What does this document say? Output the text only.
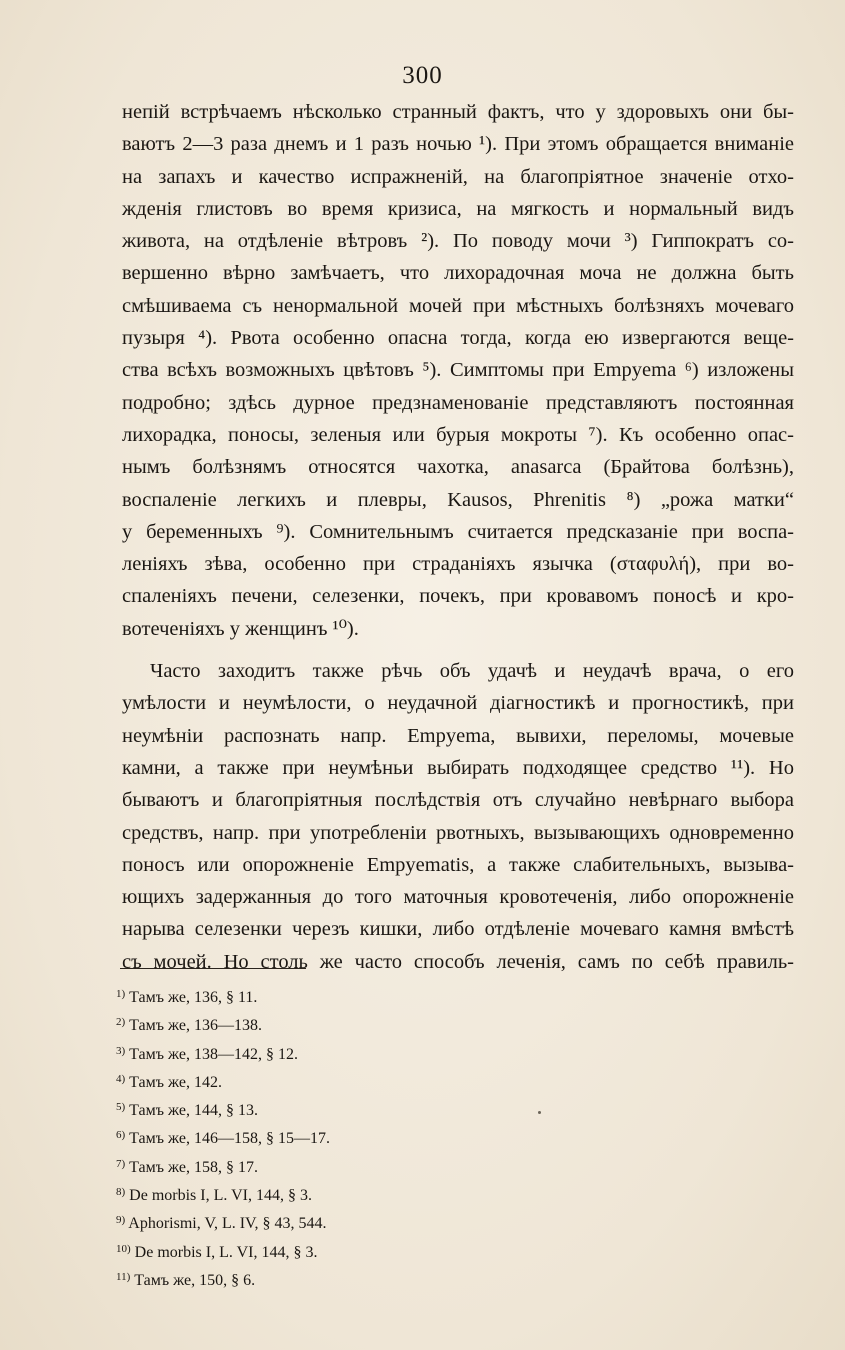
300
непій встрѣчаемъ нѣсколько странный фактъ, что у здоровыхъ они бы-
ваютъ 2—3 раза днемъ и 1 разъ ночью ¹). При этомъ обращается вниманіе
на запахъ и качество испражненій, на благопріятное значеніе отхо-
жденія глистовъ во время кризиса, на мягкость и нормальный видъ
живота, на отдѣленіе вѣтровъ ²). По поводу мочи ³) Гиппократъ со-
вершенно вѣрно замѣчаетъ, что лихорадочная моча не должна быть
смѣшиваема съ ненормальной мочей при мѣстныхъ болѣзняхъ мочеваго
пузыря ⁴). Рвота особенно опасна тогда, когда ею извергаются веще-
ства всѣхъ возможныхъ цвѣтовъ ⁵). Симптомы при Empyema ⁶) изложены
подробно; здѣсь дурное предзнаменованіе представляютъ постоянная
лихорадка, поносы, зеленыя или бурыя мокроты ⁷). Къ особенно опас-
нымъ болѣзнямъ относятся чахотка, anasarca (Брайтова болѣзнь),
воспаленіе легкихъ и плевры, Kausos, Phrenitis ⁸) „рожа матки“
у беременныхъ ⁹). Сомнительнымъ считается предсказаніе при воспа-
леніяхъ зѣва, особенно при страданіяхъ язычка (σταφυλή), при во-
спаленіяхъ печени, селезенки, почекъ, при кровавомъ поносѣ и кро-
вотеченіяхъ у женщинъ ¹⁰).
Часто заходитъ также рѣчь объ удачѣ и неудачѣ врача, о его
умѣлости и неумѣлости, о неудачной діагностикѣ и прогностикѣ, при
неумѣніи распознать напр. Empyema, вывихи, переломы, мочевые
камни, а также при неумѣньи выбирать подходящее средство ¹¹). Но
бываютъ и благопріятныя послѣдствія отъ случайно невѣрнаго выбора
средствъ, напр. при употребленіи рвотныхъ, вызывающихъ одновременно
поносъ или опорожненіе Empyematis, а также слабительныхъ, вызыва-
ющихъ задержанныя до того маточныя кровотеченія, либо опорожненіе
нарыва селезенки черезъ кишки, либо отдѣленіе мочеваго камня вмѣстѣ
съ мочей. Но столь же часто способъ леченія, самъ по себѣ правиль-
$^{1)}$ Тамъ же, 136, § 11.
$^{2)}$ Тамъ же, 136—138.
$^{3)}$ Тамъ же, 138—142, § 12.
$^{4)}$ Тамъ же, 142.
$^{5)}$ Тамъ же, 144, § 13.
$^{6)}$ Тамъ же, 146—158, § 15—17.
$^{7)}$ Тамъ же, 158, § 17.
$^{8)}$ De morbis I, L. VI, 144, § 3.
$^{9)}$ Aphorismi, V, L. IV, § 43, 544.
$^{10)}$ De morbis I, L. VI, 144, § 3.
$^{11)}$ Тамъ же, 150, § 6.
